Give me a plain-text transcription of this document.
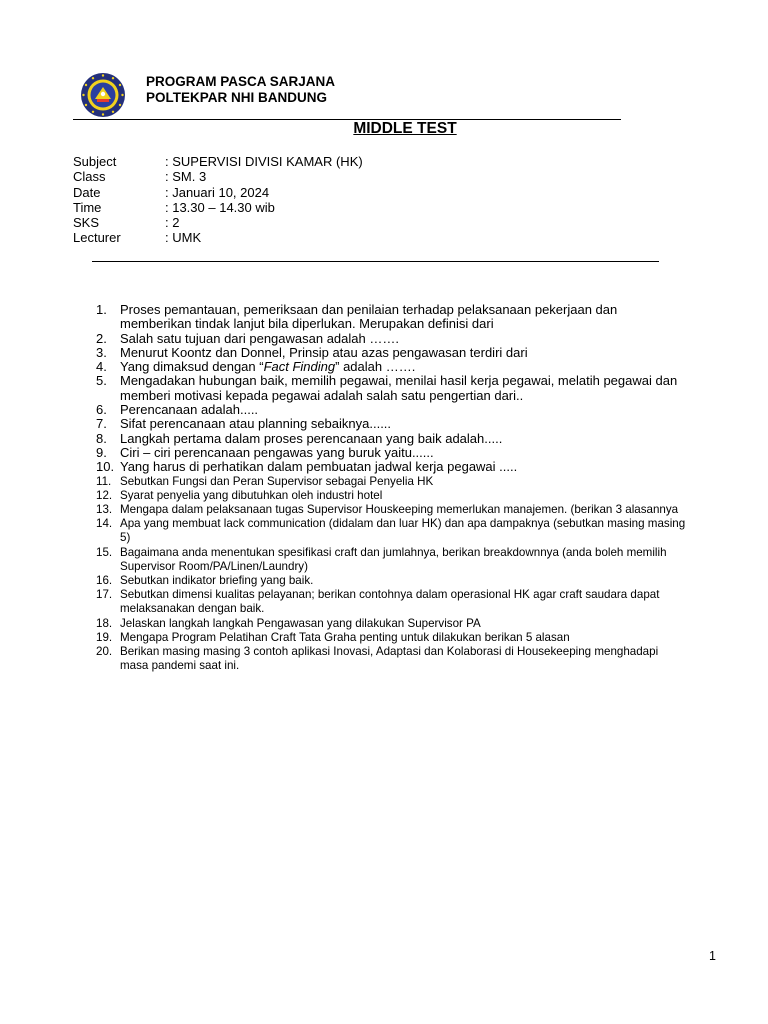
PROGRAM PASCA SARJANA
POLTEKPAR NHI BANDUNG
MIDDLE TEST
Subject	: SUPERVISI DIVISI KAMAR (HK)
Class	: SM. 3
Date	: Januari 10, 2024
Time	: 13.30 – 14.30 wib
SKS	: 2
Lecturer	: UMK
1. Proses pemantauan, pemeriksaan dan penilaian terhadap pelaksanaan pekerjaan dan memberikan tindak lanjut bila diperlukan. Merupakan definisi dari
2. Salah satu tujuan dari pengawasan adalah …….
3. Menurut Koontz dan Donnel, Prinsip atau azas pengawasan terdiri dari
4. Yang dimaksud dengan “Fact Finding” adalah …….
5. Mengadakan hubungan baik, memilih pegawai, menilai hasil kerja pegawai, melatih pegawai dan memberi motivasi kepada pegawai adalah salah satu pengertian dari..
6. Perencanaan adalah.....
7. Sifat perencanaan atau planning sebaiknya......
8. Langkah pertama dalam proses perencanaan yang baik adalah.....
9. Ciri – ciri perencanaan pengawas yang buruk yaitu......
10. Yang harus di perhatikan dalam pembuatan jadwal kerja pegawai .....
11. Sebutkan Fungsi dan Peran Supervisor sebagai Penyelia HK
12. Syarat penyelia yang dibutuhkan oleh industri hotel
13. Mengapa dalam pelaksanaan tugas Supervisor Houskeeping memerlukan manajemen. (berikan 3 alasannya
14. Apa yang membuat lack communication (didalam dan luar HK) dan apa dampaknya (sebutkan masing masing 5)
15. Bagaimana anda menentukan spesifikasi craft dan jumlahnya, berikan breakdownnya (anda boleh memilih Supervisor Room/PA/Linen/Laundry)
16. Sebutkan indikator briefing yang baik.
17. Sebutkan dimensi kualitas pelayanan; berikan contohnya dalam operasional HK agar craft saudara dapat melaksanakan dengan baik.
18. Jelaskan langkah langkah Pengawasan yang dilakukan Supervisor PA
19. Mengapa Program Pelatihan Craft Tata Graha penting untuk dilakukan berikan 5 alasan
20. Berikan masing masing 3 contoh aplikasi Inovasi, Adaptasi dan Kolaborasi di Housekeeping menghadapi masa pandemi saat ini.
1
